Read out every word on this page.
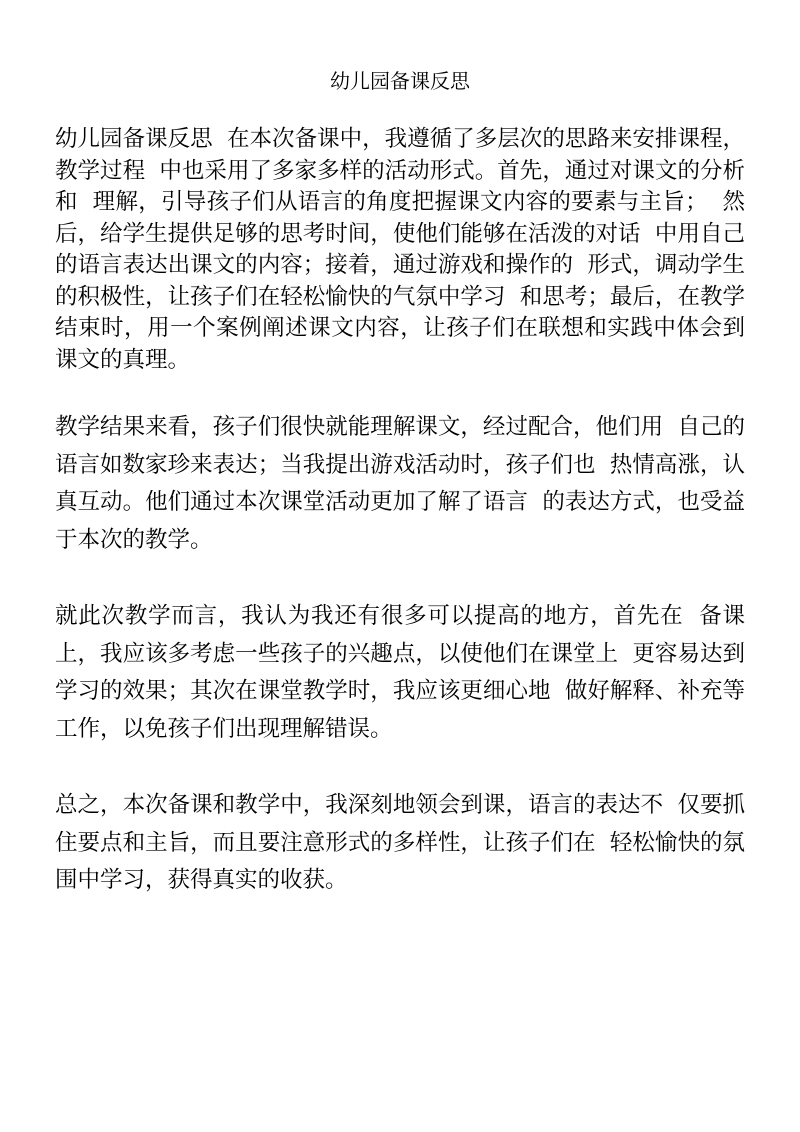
幼儿园备课反思

幼儿园备课反思  在本次备课中，我遵循了多层次的思路来安排课程，教学过程  中也采用了多家多样的活动形式。首先，通过对课文的分析和  理解，引导孩子们从语言的角度把握课文内容的要素与主旨；  然后，给学生提供足够的思考时间，使他们能够在活泼的对话  中用自己的语言表达出课文的内容；接着，通过游戏和操作的  形式，调动学生的积极性，让孩子们在轻松愉快的气氛中学习  和思考；最后，在教学结束时，用一个案例阐述课文内容，让孩子们在联想和实践中体会到课文的真理。

教学结果来看，孩子们很快就能理解课文，经过配合，他们用  自己的语言如数家珍来表达；当我提出游戏活动时，孩子们也  热情高涨，认真互动。他们通过本次课堂活动更加了解了语言  的表达方式，也受益于本次的教学。

就此次教学而言，我认为我还有很多可以提高的地方，首先在  备课上，我应该多考虑一些孩子的兴趣点，以使他们在课堂上  更容易达到学习的效果；其次在课堂教学时，我应该更细心地  做好解释、补充等工作，以免孩子们出现理解错误。

总之，本次备课和教学中，我深刻地领会到课，语言的表达不  仅要抓住要点和主旨，而且要注意形式的多样性，让孩子们在  轻松愉快的氛围中学习，获得真实的收获。
